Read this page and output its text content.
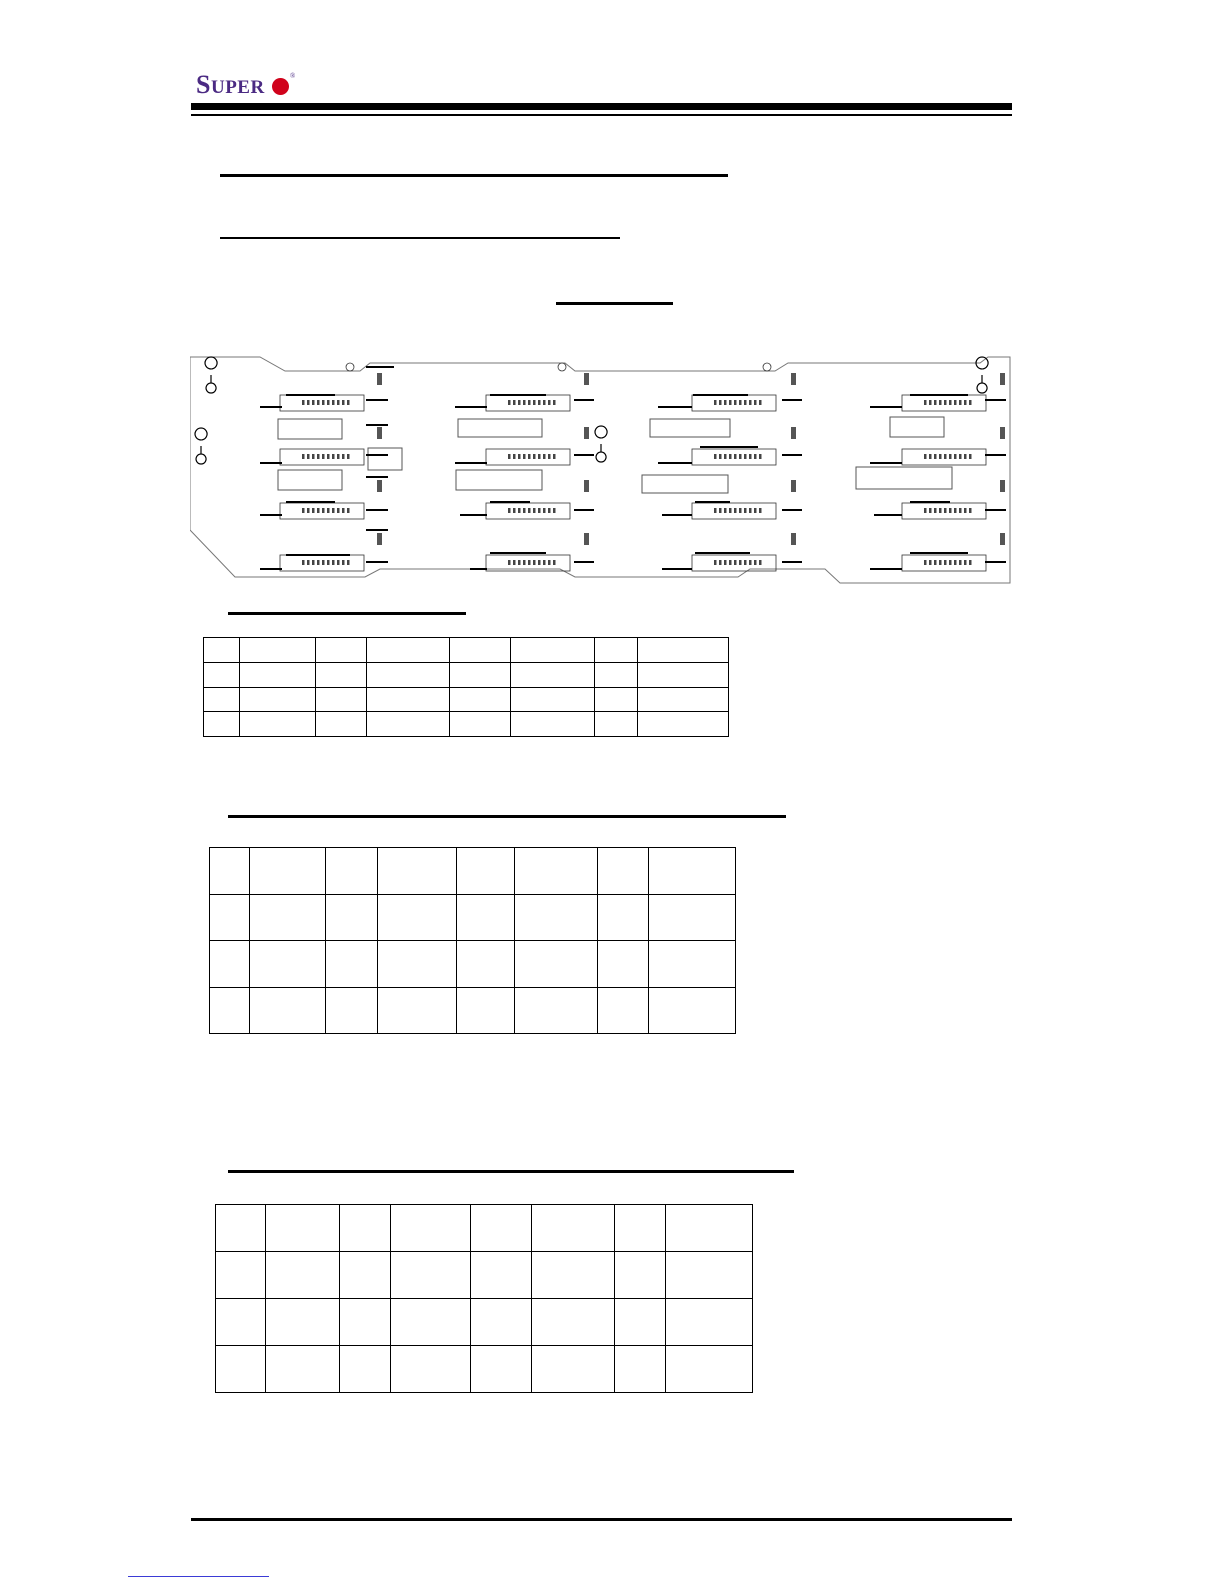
SUPER
®
